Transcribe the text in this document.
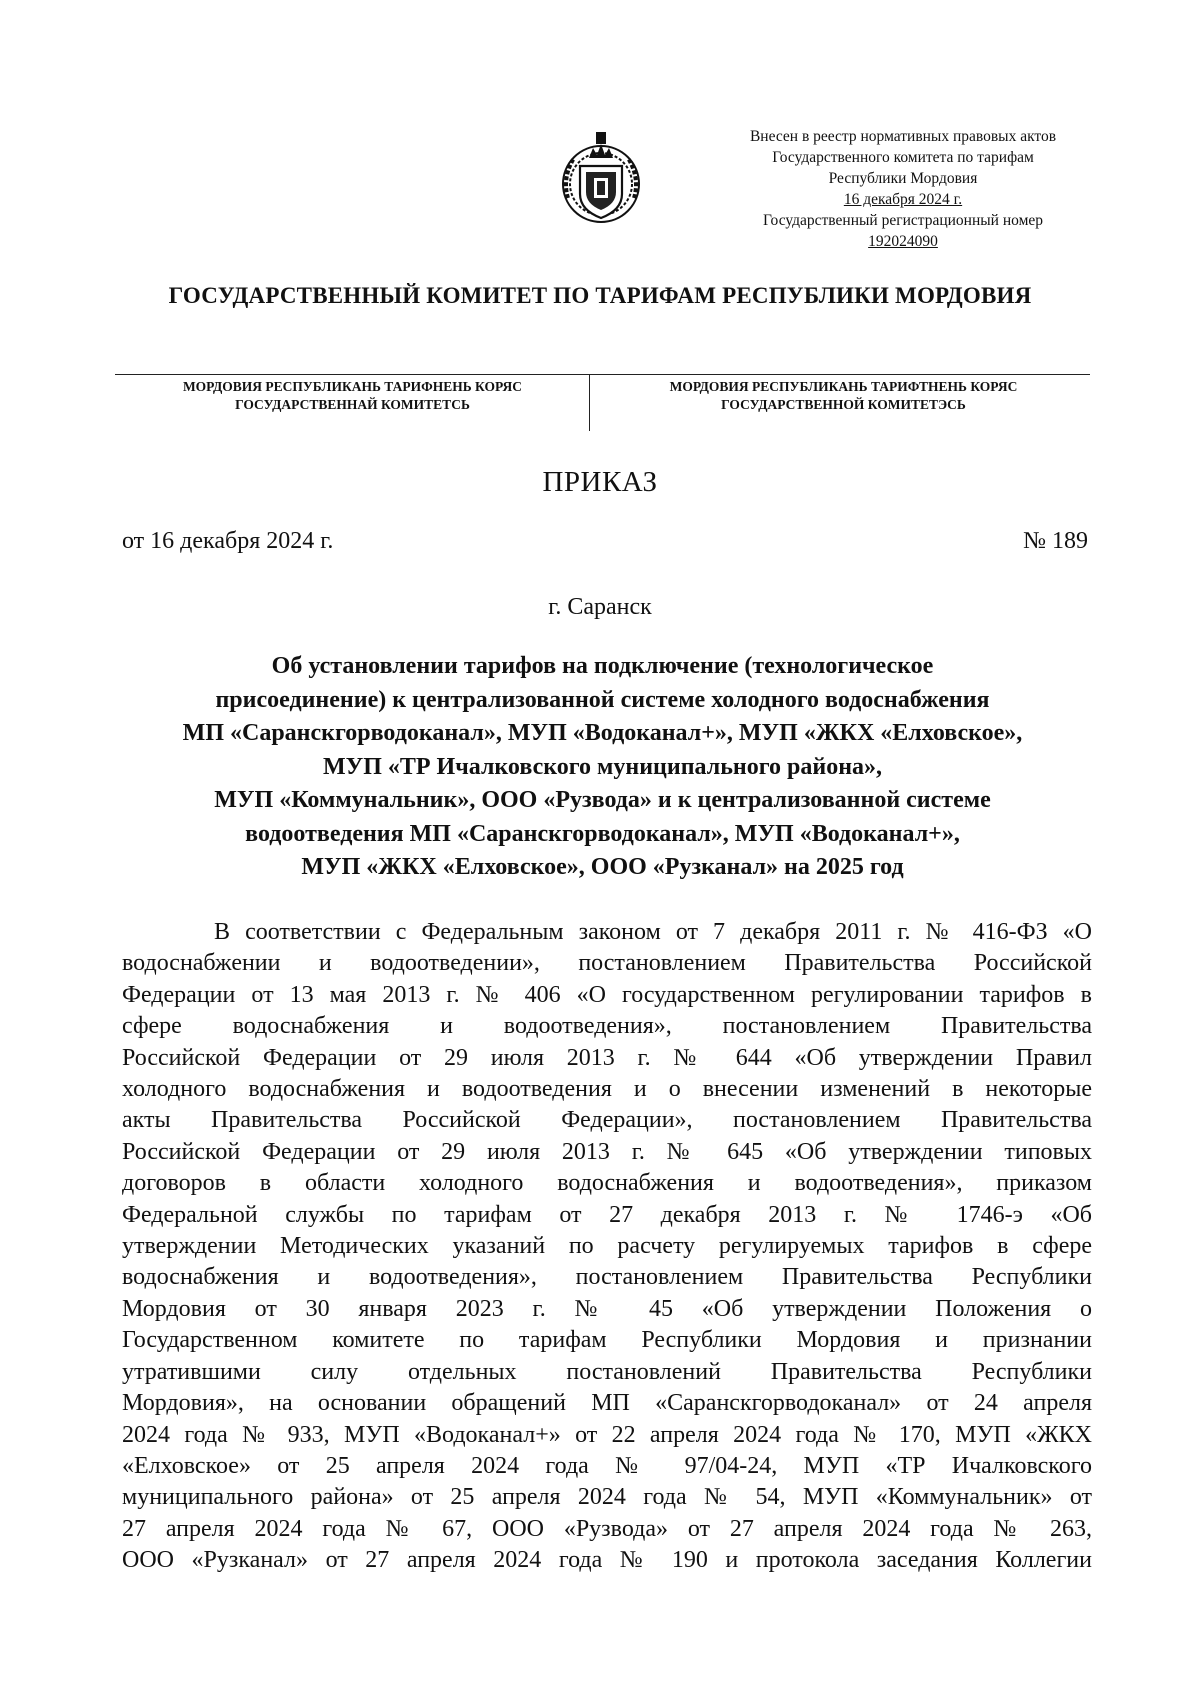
Внесен в реестр нормативных правовых актов
Государственного комитета по тарифам
Республики Мордовия
16 декабря 2024 г.
Государственный регистрационный номер
192024090
ГОСУДАРСТВЕННЫЙ КОМИТЕТ ПО ТАРИФАМ РЕСПУБЛИКИ МОРДОВИЯ
МОРДОВИЯ РЕСПУБЛИКАНЬ ТАРИФНЕНЬ КОРЯС
ГОСУДАРСТВЕННАЙ КОМИТЕТСЬ
МОРДОВИЯ РЕСПУБЛИКАНЬ ТАРИФТНЕНЬ КОРЯС
ГОСУДАРСТВЕННОЙ КОМИТЕТЭСЬ
ПРИКАЗ
от 16 декабря 2024 г.	№ 189
г. Саранск
Об установлении тарифов на подключение (технологическое
присоединение) к централизованной системе холодного водоснабжения
МП «Саранскгорводоканал», МУП «Водоканал+», МУП «ЖКХ «Елховское»,
МУП «ТР Ичалковского муниципального района»,
МУП «Коммунальник», ООО «Рузвода» и к централизованной системе
водоотведения МП «Саранскгорводоканал», МУП «Водоканал+»,
МУП «ЖКХ «Елховское», ООО «Рузканал» на 2025 год
В соответствии с Федеральным законом от 7 декабря 2011 г. № 416-ФЗ «О
водоснабжении и водоотведении», постановлением Правительства Российской
Федерации от 13 мая 2013 г. № 406 «О государственном регулировании тарифов в
сфере водоснабжения и водоотведения», постановлением Правительства
Российской Федерации от 29 июля 2013 г. № 644 «Об утверждении Правил
холодного водоснабжения и водоотведения и о внесении изменений в некоторые
акты Правительства Российской Федерации», постановлением Правительства
Российской Федерации от 29 июля 2013 г. № 645 «Об утверждении типовых
договоров в области холодного водоснабжения и водоотведения», приказом
Федеральной службы по тарифам от 27 декабря 2013 г. № 1746-э «Об
утверждении Методических указаний по расчету регулируемых тарифов в сфере
водоснабжения и водоотведения», постановлением Правительства Республики
Мордовия от 30 января 2023 г. № 45 «Об утверждении Положения о
Государственном комитете по тарифам Республики Мордовия и признании
утратившими силу отдельных постановлений Правительства Республики
Мордовия», на основании обращений МП «Саранскгорводоканал» от 24 апреля
2024 года № 933, МУП «Водоканал+» от 22 апреля 2024 года № 170, МУП «ЖКХ
«Елховское» от 25 апреля 2024 года № 97/04-24, МУП «ТР Ичалковского
муниципального района» от 25 апреля 2024 года № 54, МУП «Коммунальник» от
27 апреля 2024 года № 67, ООО «Рузвода» от 27 апреля 2024 года № 263,
ООО «Рузканал» от 27 апреля 2024 года № 190 и протокола заседания Коллегии
